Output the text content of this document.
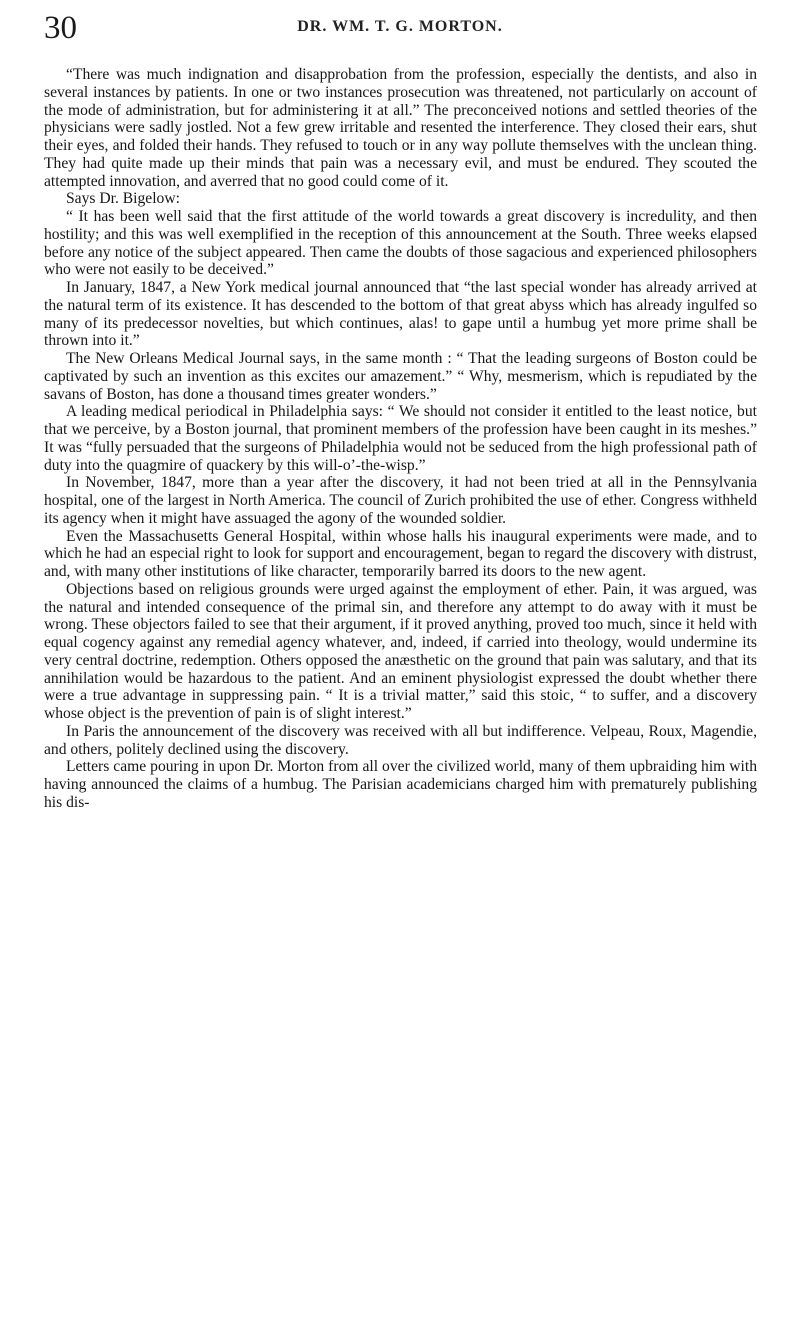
30	DR. WM. T. G. MORTON.

“There was much indignation and disapprobation from the profession, especially the dentists, and also in several instances by patients. In one or two instances prosecution was threatened, not particularly on account of the mode of administration, but for administering it at all.” The preconceived notions and settled theories of the physicians were sadly jostled. Not a few grew irritable and resented the interference. They closed their ears, shut their eyes, and folded their hands. They refused to touch or in any way pollute themselves with the unclean thing. They had quite made up their minds that pain was a necessary evil, and must be endured. They scouted the attempted innovation, and averred that no good could come of it.

Says Dr. Bigelow:

“ It has been well said that the first attitude of the world towards a great discovery is incredulity, and then hostility; and this was well exemplified in the reception of this announcement at the South. Three weeks elapsed before any notice of the subject appeared. Then came the doubts of those sagacious and experienced philosophers who were not easily to be deceived.”

In January, 1847, a New York medical journal announced that “the last special wonder has already arrived at the natural term of its existence. It has descended to the bottom of that great abyss which has already ingulfed so many of its predecessor novelties, but which continues, alas! to gape until a humbug yet more prime shall be thrown into it.”

The New Orleans Medical Journal says, in the same month : “ That the leading surgeons of Boston could be captivated by such an invention as this excites our amazement.” “ Why, mesmerism, which is repudiated by the savans of Boston, has done a thousand times greater wonders.”

A leading medical periodical in Philadelphia says: “ We should not consider it entitled to the least notice, but that we perceive, by a Boston journal, that prominent members of the profession have been caught in its meshes.” It was “fully persuaded that the surgeons of Philadelphia would not be seduced from the high professional path of duty into the quagmire of quackery by this will-o’-the-wisp.”

In November, 1847, more than a year after the discovery, it had not been tried at all in the Pennsylvania hospital, one of the largest in North America. The council of Zurich prohibited the use of ether. Congress withheld its agency when it might have assuaged the agony of the wounded soldier.

Even the Massachusetts General Hospital, within whose halls his inaugural experiments were made, and to which he had an especial right to look for support and encouragement, began to regard the discovery with distrust, and, with many other institutions of like character, temporarily barred its doors to the new agent.

Objections based on religious grounds were urged against the employment of ether. Pain, it was argued, was the natural and intended consequence of the primal sin, and therefore any attempt to do away with it must be wrong. These objectors failed to see that their argument, if it proved anything, proved too much, since it held with equal cogency against any remedial agency whatever, and, indeed, if carried into theology, would undermine its very central doctrine, redemption. Others opposed the anæsthetic on the ground that pain was salutary, and that its annihilation would be hazardous to the patient. And an eminent physiologist expressed the doubt whether there were a true advantage in suppressing pain. “ It is a trivial matter,” said this stoic, “ to suffer, and a discovery whose object is the prevention of pain is of slight interest.”

In Paris the announcement of the discovery was received with all but indifference. Velpeau, Roux, Magendie, and others, politely declined using the discovery.

Letters came pouring in upon Dr. Morton from all over the civilized world, many of them upbraiding him with having announced the claims of a humbug. The Parisian academicians charged him with prematurely publishing his dis-
